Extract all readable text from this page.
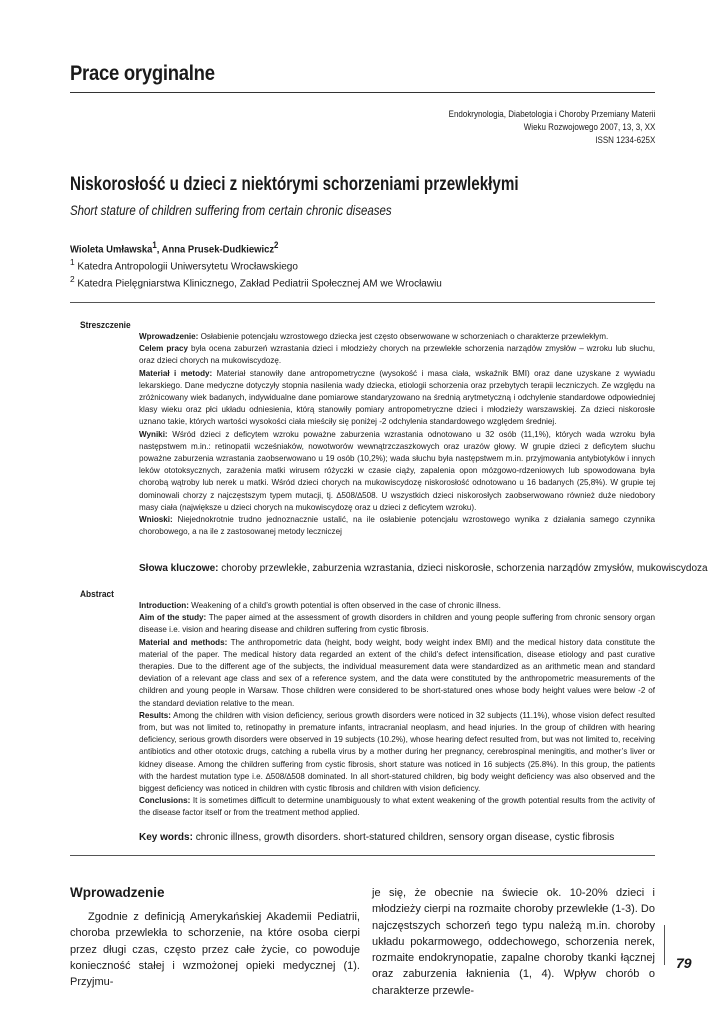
Prace oryginalne
Endokrynologia, Diabetologia i Choroby Przemiany Materii
Wieku Rozwojowego 2007, 13, 3, XX
ISSN 1234-625X
Niskorosłość u dzieci z niektórymi schorzeniami przewlekłymi
Short stature of children suffering from certain chronic diseases
Wioleta Umławska$^1$, Anna Prusek-Dudkiewicz$^2$
$^1$ Katedra Antropologii Uniwersytetu Wrocławskiego
$^2$ Katedra Pielęgniarstwa Klinicznego, Zakład Pediatrii Społecznej AM we Wrocławiu
Streszczenie

Wprowadzenie: Osłabienie potencjału wzrostowego dziecka jest często obserwowane w schorzeniach o charakterze przewlekłym.

Celem pracy była ocena zaburzeń wzrastania dzieci i młodzieży chorych na przewlekłe schorzenia narządów zmysłów – wzroku lub słuchu, oraz dzieci chorych na mukowiscydozę.

Materiał i metody: Materiał stanowiły dane antropometryczne (wysokość i masa ciała, wskaźnik BMI) oraz dane uzyskane z wywiadu lekarskiego. Dane medyczne dotyczyły stopnia nasilenia wady dziecka, etiologii schorzenia oraz przebytych terapii leczniczych. Ze względu na zróżnicowany wiek badanych, indywidualne dane pomiarowe standaryzowano na średnią arytmetyczną i odchylenie standardowe odpowiedniej klasy wieku oraz płci układu odniesienia, którą stanowiły pomiary antropometryczne dzieci i młodzieży warszawskiej. Za dzieci niskorosłe uznano takie, których wartości wysokości ciała mieściły się poniżej -2 odchylenia standardowego względem średniej.

Wyniki: Wśród dzieci z deficytem wzroku poważne zaburzenia wzrastania odnotowano u 32 osób (11,1%), których wada wzroku była następstwem m.in.: retinopatii wcześniaków, nowotworów wewnątrzczaszkowych oraz urazów głowy. W grupie dzieci z deficytem słuchu poważne zaburzenia wzrastania zaobserwowano u 19 osób (10,2%); wada słuchu była następstwem m.in. przyjmowania antybiotyków i innych leków ototoksycznych, zarażenia matki wirusem różyczki w czasie ciąży, zapalenia opon mózgowo-rdzeniowych lub spowodowana była chorobą wątroby lub nerek u matki. Wśród dzieci chorych na mukowiscydozę niskorosłość odnotowano u 16 badanych (25,8%). W grupie tej dominowali chorzy z najczęstszym typem mutacji, tj. ∆508/∆508. U wszystkich dzieci niskorosłych zaobserwowano również duże niedobory masy ciała (największe u dzieci chorych na mukowiscydozę oraz u dzieci z deficytem wzroku).

Wnioski: Niejednokrotnie trudno jednoznacznie ustalić, na ile osłabienie potencjału wzrostowego wynika z działania samego czynnika chorobowego, a na ile z zastosowanej metody leczniczej

Słowa kluczowe: choroby przewlekłe, zaburzenia wzrastania, dzieci niskorosłe, schorzenia narządów zmysłów, mukowiscydoza
Abstract

Introduction: Weakening of a child’s growth potential is often observed in the case of chronic illness.

Aim of the study: The paper aimed at the assessment of growth disorders in children and young people suffering from chronic sensory organ disease i.e. vision and hearing disease and children suffering from cystic fibrosis.

Material and methods: The anthropometric data (height, body weight, body weight index BMI) and the medical history data constitute the material of the paper. The medical history data regarded an extent of the child’s defect intensification, disease etiology and past curative therapies. Due to the different age of the subjects, the individual measurement data were standardized as an arithmetic mean and standard deviation of a relevant age class and sex of a reference system, and the data were constituted by the anthropometric measurements of the children and young people in Warsaw. Those children were considered to be short-statured ones whose body height values were below -2 of the standard deviation relative to the mean.

Results: Among the children with vision deficiency, serious growth disorders were noticed in 32 subjects (11.1%), whose vision defect resulted from, but was not limited to, retinopathy in premature infants, intracranial neoplasm, and head injuries. In the group of children with hearing deficiency, serious growth disorders were observed in 19 subjects (10.2%), whose hearing defect resulted from, but was not limited to, receiving antibiotics and other ototoxic drugs, catching a rubella virus by a mother during her pregnancy, cerebrospinal meningitis, and mother’s liver or kidney disease. Among the children suffering from cystic fibrosis, short stature was noticed in 16 subjects (25.8%). In this group, the patients with the hardest mutation type i.e. ∆508/∆508 dominated. In all short-statured children, big body weight deficiency was also observed and the biggest deficiency was noticed in children with cystic fibrosis and children with vision deficiency.

Conclusions: It is sometimes difficult to determine unambiguously to what extent weakening of the growth potential results from the activity of the disease factor itself or from the treatment method applied.

Key words: chronic illness, growth disorders. short-statured children, sensory organ disease, cystic fibrosis
Wprowadzenie

Zgodnie z definicją Amerykańskiej Akademii Pediatrii, choroba przewlekła to schorzenie, na które osoba cierpi przez długi czas, często przez całe życie, co powoduje konieczność stałej i wzmożonej opieki medycznej (1). Przyjmu-

je się, że obecnie na świecie ok. 10-20% dzieci i młodzieży cierpi na rozmaite choroby przewlekłe (1-3). Do najczęstszych schorzeń tego typu należą m.in. choroby układu pokarmowego, oddechowego, schorzenia nerek, rozmaite endokrynopatie, zapalne choroby tkanki łącznej oraz zaburzenia łaknienia (1, 4). Wpływ chorób o charakterze przewle-

79
